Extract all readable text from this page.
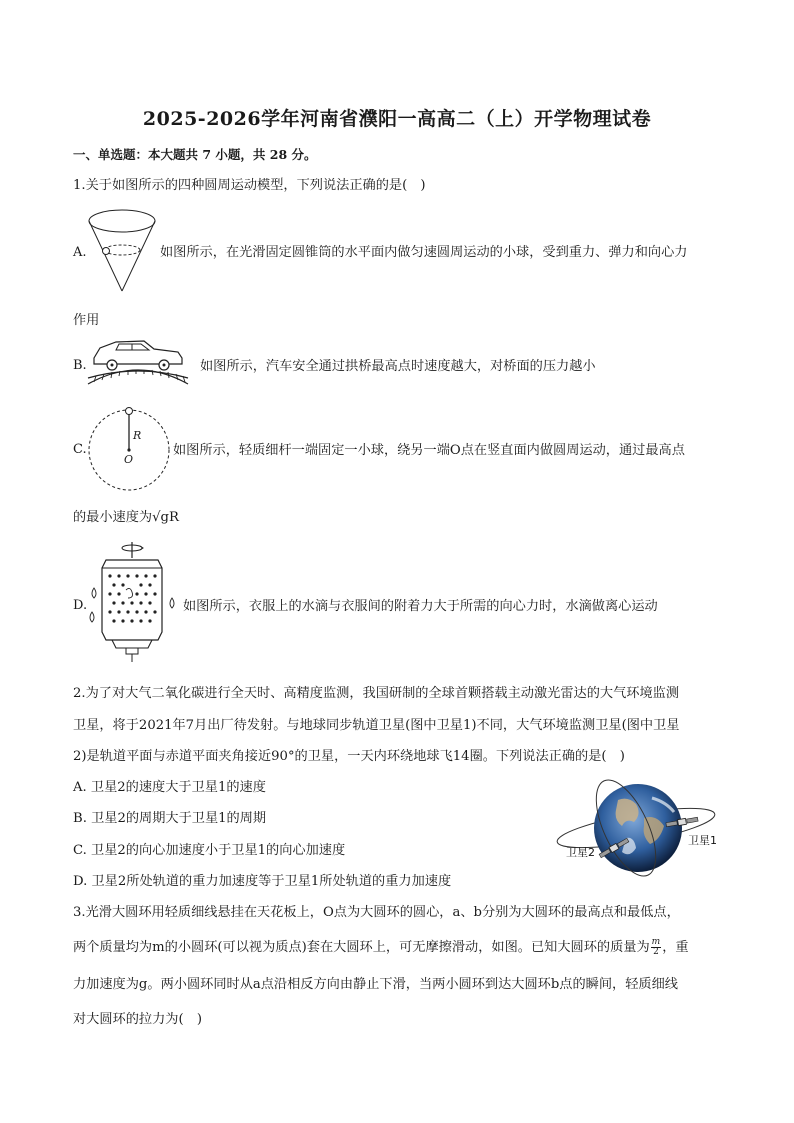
2025-2026学年河南省濮阳一高高二（上）开学物理试卷
一、单选题：本大题共 7 小题，共 28 分。
1.关于如图所示的四种圆周运动模型，下列说法正确的是(　)
A.	如图所示，在光滑固定圆锥筒的水平面内做匀速圆周运动的小球，受到重力、弹力和向心力
作用
B.	如图所示，汽车安全通过拱桥最高点时速度越大，对桥面的压力越小
C.
R
O
如图所示，轻质细杆一端固定一小球，绕另一端O点在竖直面内做圆周运动，通过最高点
的最小速度为√gR
D.	如图所示，衣服上的水滴与衣服间的附着力大于所需的向心力时，水滴做离心运动
2.为了对大气二氧化碳进行全天时、高精度监测，我国研制的全球首颗搭载主动激光雷达的大气环境监测
卫星，将于2021年7月出厂待发射。与地球同步轨道卫星(图中卫星1)不同，大气环境监测卫星(图中卫星
2)是轨道平面与赤道平面夹角接近90°的卫星，一天内环绕地球飞14圈。下列说法正确的是(　)
A. 卫星2的速度大于卫星1的速度
B. 卫星2的周期大于卫星1的周期
C. 卫星2的向心加速度小于卫星1的向心加速度
D. 卫星2所处轨道的重力加速度等于卫星1所处轨道的重力加速度
卫星1
卫星2
3.光滑大圆环用轻质细线悬挂在天花板上，O点为大圆环的圆心，a、b分别为大圆环的最高点和最低点，
两个质量均为m的小圆环(可以视为质点)套在大圆环上，可无摩擦滑动，如图。已知大圆环的质量为 $\frac{m}{2}$ ，重
力加速度为g。两小圆环同时从a点沿相反方向由静止下滑，当两小圆环到达大圆环b点的瞬间，轻质细线
对大圆环的拉力为(　)
